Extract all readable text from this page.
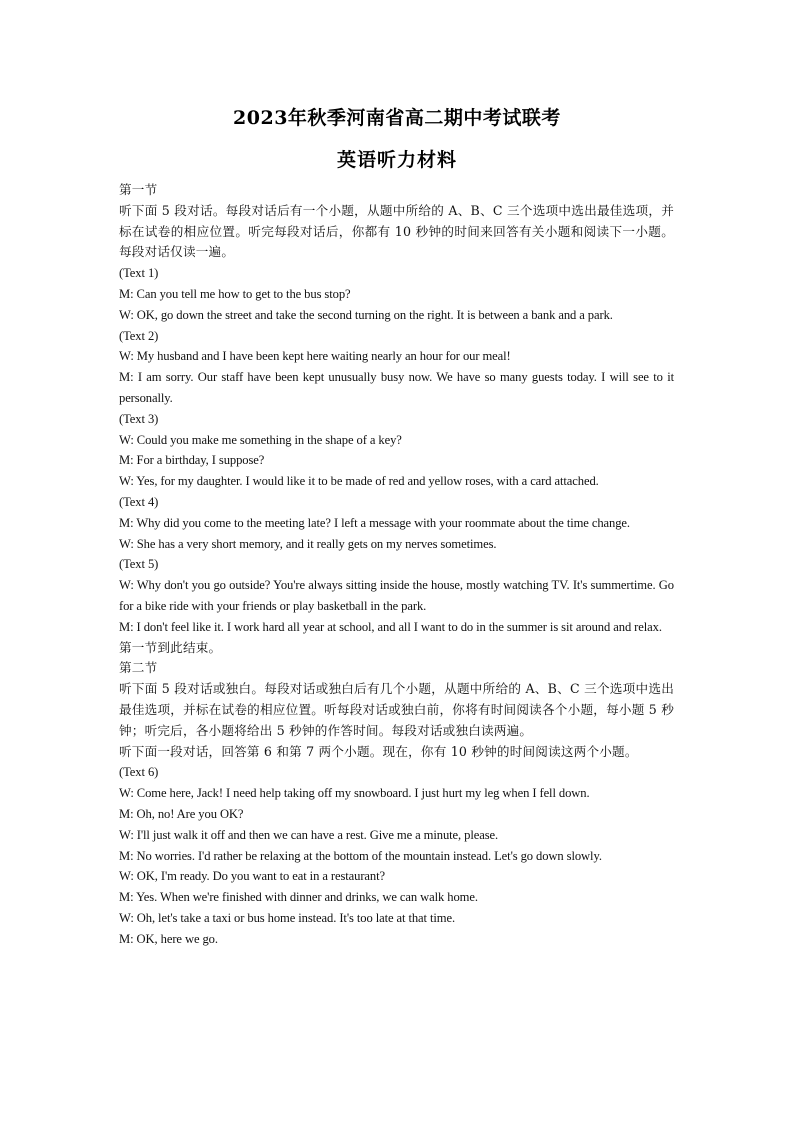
2023年秋季河南省高二期中考试联考
英语听力材料

第一节

听下面 5 段对话。每段对话后有一个小题，从题中所给的 A、B、C 三个选项中选出最佳选项，并标在试卷的相应位置。听完每段对话后，你都有 10 秒钟的时间来回答有关小题和阅读下一小题。每段对话仅读一遍。

(Text 1)

M: Can you tell me how to get to the bus stop?

W: OK, go down the street and take the second turning on the right. It is between a bank and a park.

(Text 2)

W: My husband and I have been kept here waiting nearly an hour for our meal!

M: I am sorry. Our staff have been kept unusually busy now. We have so many guests today. I will see to it personally.

(Text 3)

W: Could you make me something in the shape of a key?

M: For a birthday, I suppose?

W: Yes, for my daughter. I would like it to be made of red and yellow roses, with a card attached.

(Text 4)

M: Why did you come to the meeting late? I left a message with your roommate about the time change.

W: She has a very short memory, and it really gets on my nerves sometimes.

(Text 5)

W: Why don't you go outside? You're always sitting inside the house, mostly watching TV. It's summertime. Go for a bike ride with your friends or play basketball in the park.

M: I don't feel like it. I work hard all year at school, and all I want to do in the summer is sit around and relax.

第一节到此结束。

第二节

听下面 5 段对话或独白。每段对话或独白后有几个小题，从题中所给的 A、B、C 三个选项中选出最佳选项，并标在试卷的相应位置。听每段对话或独白前，你将有时间阅读各个小题，每小题 5 秒钟；听完后，各小题将给出 5 秒钟的作答时间。每段对话或独白读两遍。

听下面一段对话，回答第 6 和第 7 两个小题。现在，你有 10 秒钟的时间阅读这两个小题。

(Text 6)

W: Come here, Jack! I need help taking off my snowboard. I just hurt my leg when I fell down.

M: Oh, no! Are you OK?

W: I'll just walk it off and then we can have a rest. Give me a minute, please.

M: No worries. I'd rather be relaxing at the bottom of the mountain instead. Let's go down slowly.

W: OK, I'm ready. Do you want to eat in a restaurant?

M: Yes. When we're finished with dinner and drinks, we can walk home.

W: Oh, let's take a taxi or bus home instead. It's too late at that time.

M: OK, here we go.
